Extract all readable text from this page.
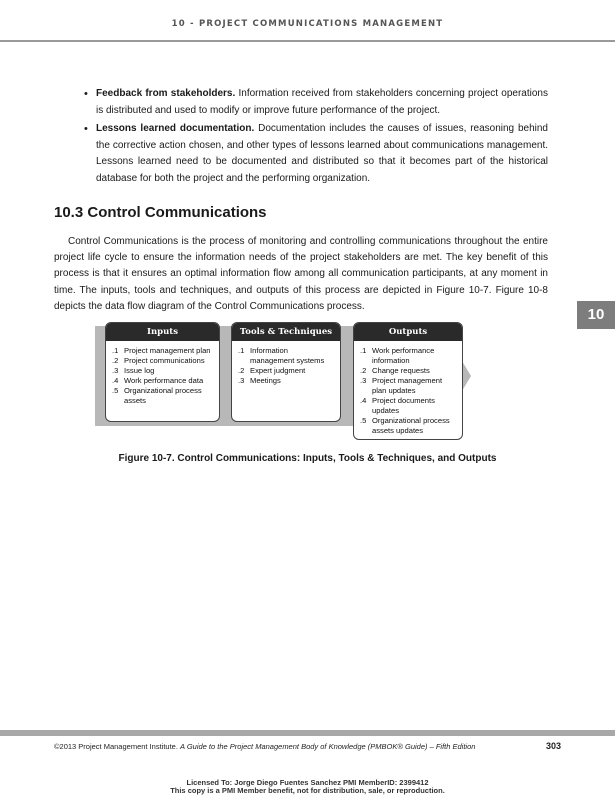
10 - PROJECT COMMUNICATIONS MANAGEMENT

• Feedback from stakeholders. Information received from stakeholders concerning project operations is distributed and used to modify or improve future performance of the project.

• Lessons learned documentation. Documentation includes the causes of issues, reasoning behind the corrective action chosen, and other types of lessons learned about communications management. Lessons learned need to be documented and distributed so that it becomes part of the historical database for both the project and the performing organization.

10.3 Control Communications

Control Communications is the process of monitoring and controlling communications throughout the entire project life cycle to ensure the information needs of the project stakeholders are met. The key benefit of this process is that it ensures an optimal information flow among all communication participants, at any moment in time. The inputs, tools and techniques, and outputs of this process are depicted in Figure 10-7. Figure 10-8 depicts the data flow diagram of the Control Communications process.	10
Inputs
.1 Project management plan
.2 Project communications
.3 Issue log
.4 Work performance data
.5 Organizational process assets
Tools & Techniques
.1 Information management systems
.2 Expert judgment
.3 Meetings
Outputs
.1 Work performance information
.2 Change requests
.3 Project management plan updates
.4 Project documents updates
.5 Organizational process assets updates
Figure 10-7. Control Communications: Inputs, Tools & Techniques, and Outputs
©2013 Project Management Institute. A Guide to the Project Management Body of Knowledge (PMBOK® Guide) – Fifth Edition	303
Licensed To: Jorge Diego Fuentes Sanchez PMI MemberID: 2399412
This copy is a PMI Member benefit, not for distribution, sale, or reproduction.
